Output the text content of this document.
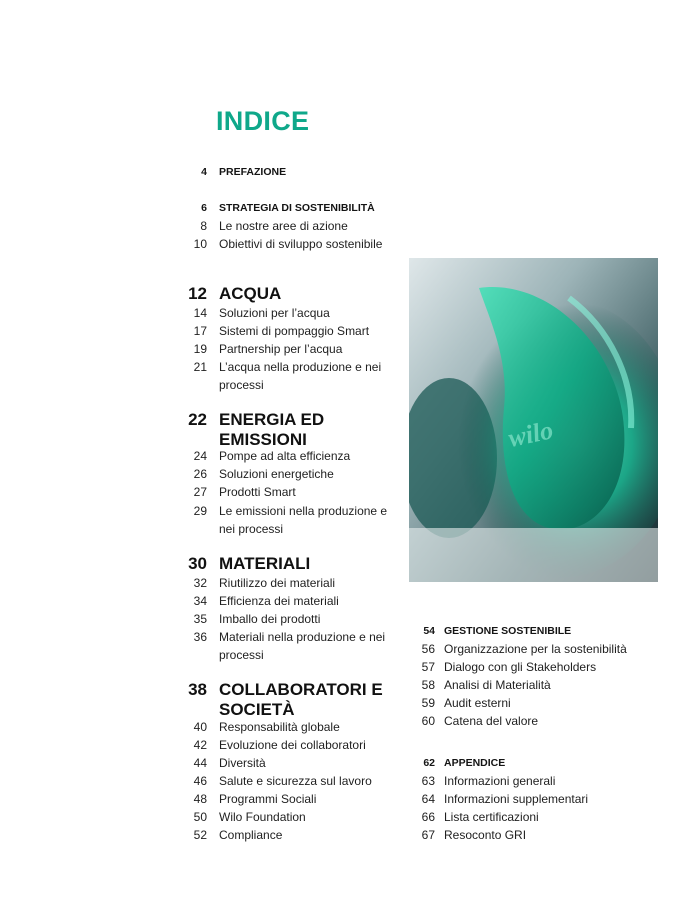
INDICE
4 PREFAZIONE
6 STRATEGIA DI SOSTENIBILITÀ
8 Le nostre aree di azione
10 Obiettivi di sviluppo sostenibile
12 ACQUA
14 Soluzioni per l’acqua
17 Sistemi di pompaggio Smart
19 Partnership per l’acqua
21 L’acqua nella produzione e nei processi
22 ENERGIA ED EMISSIONI
24 Pompe ad alta efficienza
26 Soluzioni energetiche
27 Prodotti Smart
29 Le emissioni nella produzione e nei processi
30 MATERIALI
32 Riutilizzo dei materiali
34 Efficienza dei materiali
35 Imballo dei prodotti
36 Materiali nella produzione e nei processi
38 COLLABORATORI E SOCIETÀ
40 Responsabilità globale
42 Evoluzione dei collaboratori
44 Diversità
46 Salute e sicurezza sul lavoro
48 Programmi Sociali
50 Wilo Foundation
52 Compliance
54 GESTIONE SOSTENIBILE
56 Organizzazione per la sostenibilità
57 Dialogo con gli Stakeholders
58 Analisi di Materialità
59 Audit esterni
60 Catena del valore
62 APPENDICE
63 Informazioni generali
64 Informazioni supplementari
66 Lista certificazioni
67 Resoconto GRI
wilo
